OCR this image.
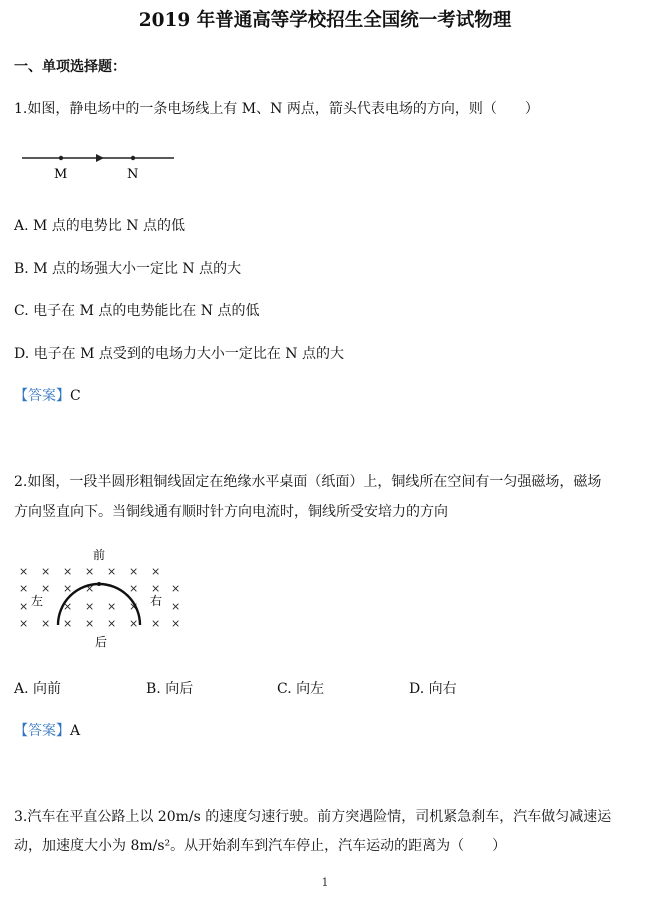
2019 年普通高等学校招生全国统一考试物理
一、单项选择题：
1.如图，静电场中的一条电场线上有 M、N 两点，箭头代表电场的方向，则（　　）
M	N
A. M 点的电势比 N 点的低
B. M 点的场强大小一定比 N 点的大
C. 电子在 M 点的电势能比在 N 点的低
D. 电子在 M 点受到的电场力大小一定比在 N 点的大
【答案】C
2.如图，一段半圆形粗铜线固定在绝缘水平桌面（纸面）上，铜线所在空间有一匀强磁场，磁场
方向竖直向下。当铜线通有顺时针方向电流时，铜线所受安培力的方向
× × × × × × ×
× × × ×	× × ×
×	× × × ×	×
× × × × × × × ×
前
后
左	右
A. 向前	B. 向后	C. 向左	D. 向右
【答案】A
3.汽车在平直公路上以 20m/s 的速度匀速行驶。前方突遇险情，司机紧急刹车，汽车做匀减速运
动，加速度大小为 8m/s²。从开始刹车到汽车停止，汽车运动的距离为（　　）
1
